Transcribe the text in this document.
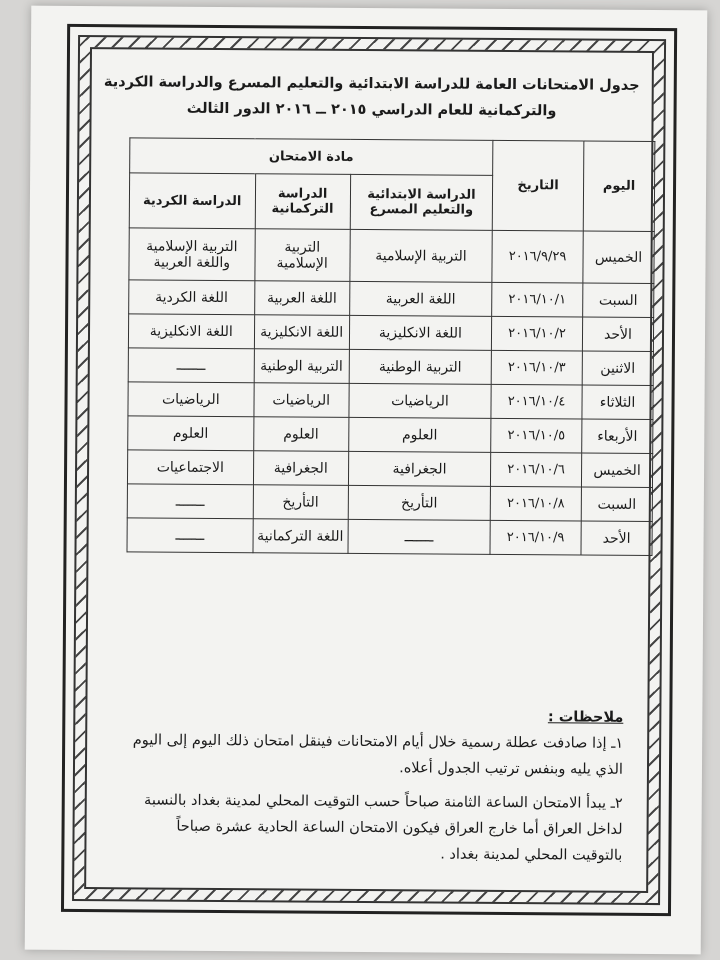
جدول الامتحانات العامة للدراسة الابتدائية والتعليم المسرع والدراسة الكردية
والتركمانية للعام الدراسي ٢٠١٥ ــ ٢٠١٦ الدور الثالث
اليوم	التاريخ	مادة الامتحان		
		الدراسة الابتدائية والتعليم المسرع	الدراسة التركمانية	الدراسة الكردية
الخميس	٢٠١٦/٩/٢٩	التربية الإسلامية	التربية الإسلامية	التربية الإسلامية واللغة العربية
السبت	٢٠١٦/١٠/١	اللغة العربية	اللغة العربية	اللغة الكردية
الأحد	٢٠١٦/١٠/٢	اللغة الانكليزية	اللغة الانكليزية	اللغة الانكليزية
الاثنين	٢٠١٦/١٠/٣	التربية الوطنية	التربية الوطنية	ـــــــ
الثلاثاء	٢٠١٦/١٠/٤	الرياضيات	الرياضيات	الرياضيات
الأربعاء	٢٠١٦/١٠/٥	العلوم	العلوم	العلوم
الخميس	٢٠١٦/١٠/٦	الجغرافية	الجغرافية	الاجتماعيات
السبت	٢٠١٦/١٠/٨	التأريخ	التأريخ	ـــــــ
الأحد	٢٠١٦/١٠/٩	ـــــــ	اللغة التركمانية	ـــــــ
ملاحظات :

١ـ إذا صادفت عطلة رسمية خلال أيام الامتحانات فينقل امتحان ذلك اليوم إلى اليوم الذي يليه وبنفس ترتيب الجدول أعلاه.

٢ـ يبدأ الامتحان الساعة الثامنة صباحاً حسب التوقيت المحلي لمدينة بغداد بالنسبة لداخل العراق أما خارج العراق فيكون الامتحان الساعة الحادية عشرة صباحاً بالتوقيت المحلي لمدينة بغداد .
